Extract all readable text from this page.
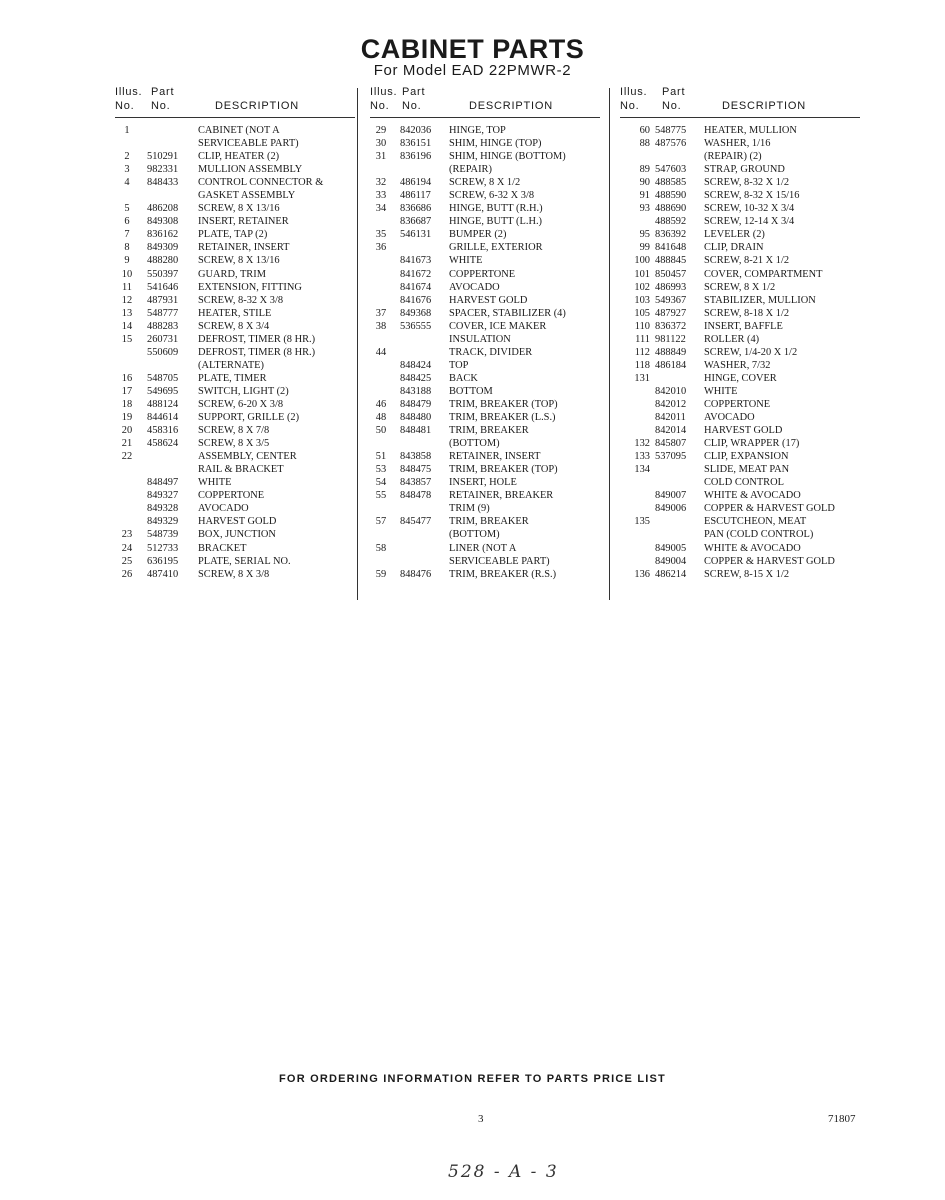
CABINET PARTS
For Model EAD 22PMWR-2
Illus. Part
No. No.	DESCRIPTION
1	CABINET (NOT A
SERVICEABLE PART)
2	510291 CLIP, HEATER (2)
3	982331 MULLION ASSEMBLY
4	848433 CONTROL CONNECTOR &
GASKET ASSEMBLY
5	486208 SCREW, 8 X 13/16
6	849308 INSERT, RETAINER
7	836162 PLATE, TAP (2)
8	849309 RETAINER, INSERT
9	488280 SCREW, 8 X 13/16
10	550397 GUARD, TRIM
11	541646 EXTENSION, FITTING
12	487931 SCREW, 8-32 X 3/8
13	548777 HEATER, STILE
14	488283 SCREW, 8 X 3/4
15	260731 DEFROST, TIMER (8 HR.)
550609 DEFROST, TIMER (8 HR.)
(ALTERNATE)
16	548705 PLATE, TIMER
17	549695 SWITCH, LIGHT (2)
18	488124 SCREW, 6-20 X 3/8
19	844614 SUPPORT, GRILLE (2)
20	458316 SCREW, 8 X 7/8
21	458624 SCREW, 8 X 3/5
22	ASSEMBLY, CENTER
RAIL & BRACKET
848497 WHITE
849327 COPPERTONE
849328 AVOCADO
849329 HARVEST GOLD
23	548739 BOX, JUNCTION
24	512733 BRACKET
25	636195 PLATE, SERIAL NO.
26	487410 SCREW, 8 X 3/8
Illus. Part
No. No.	DESCRIPTION
29	842036 HINGE, TOP
30	836151 SHIM, HINGE (TOP)
31	836196 SHIM, HINGE (BOTTOM)
(REPAIR)
32	486194 SCREW, 8 X 1/2
33	486117 SCREW, 6-32 X 3/8
34	836686 HINGE, BUTT (R.H.)
836687 HINGE, BUTT (L.H.)
35	546131 BUMPER (2)
36	GRILLE, EXTERIOR
841673 WHITE
841672 COPPERTONE
841674 AVOCADO
841676 HARVEST GOLD
37	849368 SPACER, STABILIZER (4)
38	536555 COVER, ICE MAKER
INSULATION
44	TRACK, DIVIDER
848424 TOP
848425 BACK
843188 BOTTOM
46	848479 TRIM, BREAKER (TOP)
48	848480 TRIM, BREAKER (L.S.)
50	848481 TRIM, BREAKER
(BOTTOM)
51	843858 RETAINER, INSERT
53	848475 TRIM, BREAKER (TOP)
54	843857 INSERT, HOLE
55	848478 RETAINER, BREAKER
TRIM (9)
57	845477 TRIM, BREAKER
(BOTTOM)
58	LINER (NOT A
SERVICEABLE PART)
59	848476 TRIM, BREAKER (R.S.)
Illus. Part
No. No.	DESCRIPTION
60 548775 HEATER, MULLION
88 487576 WASHER, 1/16
(REPAIR) (2)
89 547603 STRAP, GROUND
90 488585 SCREW, 8-32 X 1/2
91 488590 SCREW, 8-32 X 15/16
93 488690 SCREW, 10-32 X 3/4
488592 SCREW, 12-14 X 3/4
95 836392 LEVELER (2)
99 841648 CLIP, DRAIN
100 488845 SCREW, 8-21 X 1/2
101 850457 COVER, COMPARTMENT
102 486993 SCREW, 8 X 1/2
103 549367 STABILIZER, MULLION
105 487927 SCREW, 8-18 X 1/2
110 836372 INSERT, BAFFLE
111 981122 ROLLER (4)
112 488849 SCREW, 1/4-20 X 1/2
118 486184 WASHER, 7/32
131	HINGE, COVER
842010 WHITE
842012 COPPERTONE
842011 AVOCADO
842014 HARVEST GOLD
132 845807 CLIP, WRAPPER (17)
133 537095 CLIP, EXPANSION
134	SLIDE, MEAT PAN
COLD CONTROL
849007 WHITE & AVOCADO
849006 COPPER & HARVEST GOLD
135	ESCUTCHEON, MEAT
PAN (COLD CONTROL)
849005 WHITE & AVOCADO
849004 COPPER & HARVEST GOLD
136 486214 SCREW, 8-15 X 1/2
FOR ORDERING INFORMATION REFER TO PARTS PRICE LIST
3	71807
528 - A - 3
